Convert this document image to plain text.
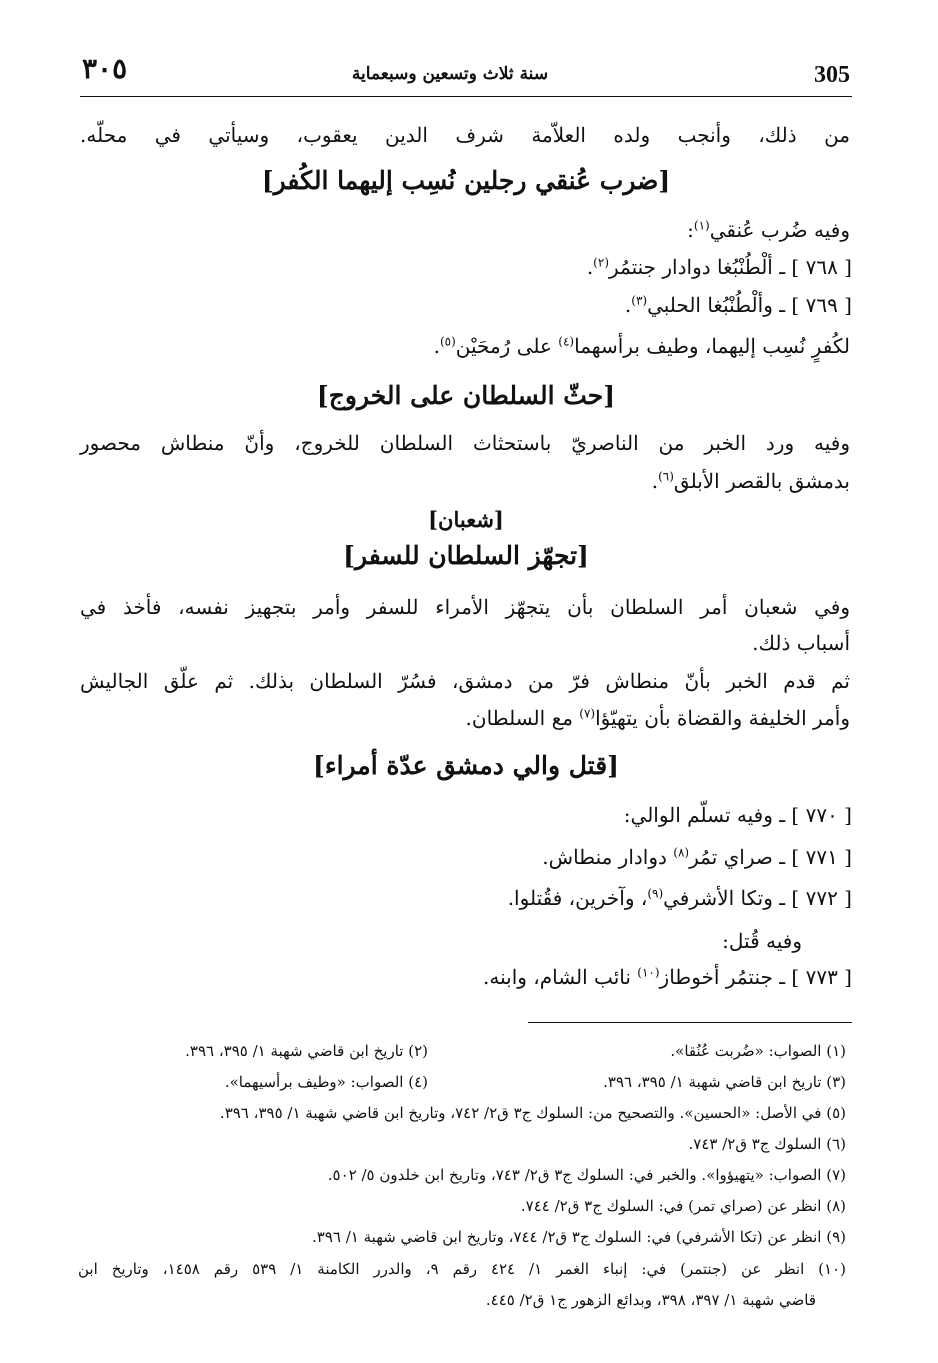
٣٠٥	سنة ثلاث وتسعين وسبعماية	305
من ذلك، وأنجب ولده العلاّمة شرف الدين يعقوب، وسيأتي في محلّه.
[ضرب عُنقي رجلين نُسِب إليهما الكُفر]
وفيه ضُرب عُنقي$^{(١)}$:
[ ٧٦٨ ] ـ ألْطُنْبُغا دوادار جنتمُر$^{(٢)}$.
[ ٧٦٩ ] ـ وألْطُنْبُغا الحلبي$^{(٣)}$.
لكُفرٍ نُسِب إليهما، وطيف برأسهما$^{(٤)}$ على رُمحَيْن$^{(٥)}$.
[حثّ السلطان على الخروج]
وفيه ورد الخبر من الناصريّ باستحثاث السلطان للخروج، وأنّ منطاش محصور
بدمشق بالقصر الأبلق$^{(٦)}$.
[شعبان]
[تجهّز السلطان للسفر]
وفي شعبان أمر السلطان بأن يتجهّز الأمراء للسفر وأمر بتجهيز نفسه، فأخذ في
أسباب ذلك.
ثم قدم الخبر بأنّ منطاش فرّ من دمشق، فسُرّ السلطان بذلك. ثم علّق الجاليش
وأمر الخليفة والقضاة بأن يتهيّؤا$^{(٧)}$ مع السلطان.
[قتل والي دمشق عدّة أمراء]
[ ٧٧٠ ] ـ وفيه تسلّم الوالي:
[ ٧٧١ ] ـ صراي تمُر$^{(٨)}$ دوادار منطاش.
[ ٧٧٢ ] ـ وتكا الأشرفي$^{(٩)}$، وآخرين، فقُتلوا.
وفيه قُتل:
[ ٧٧٣ ] ـ جنتمُر أخوطاز$^{(١٠)}$ نائب الشام، وابنه.
(١) الصواب: «ضُربت عُنُقا».
(٢) تاريخ ابن قاضي شهبة ١/ ٣٩٥، ٣٩٦.
(٣) تاريخ ابن قاضي شهبة ١/ ٣٩٥، ٣٩٦.
(٤) الصواب: «وطيف برأسيهما».
(٥) في الأصل: «الحسين». والتصحيح من: السلوك ج٣ ق٢/ ٧٤٢، وتاريخ ابن قاضي شهبة ١/ ٣٩٥، ٣٩٦.
(٦) السلوك ج٣ ق٢/ ٧٤٣.
(٧) الصواب: «يتهيؤوا». والخبر في: السلوك ج٣ ق٢/ ٧٤٣، وتاريخ ابن خلدون ٥/ ٥٠٢.
(٨) انظر عن (صراي تمر) في: السلوك ج٣ ق٢/ ٧٤٤.
(٩) انظر عن (تكا الأشرفي) في: السلوك ج٣ ق٢/ ٧٤٤، وتاريخ ابن قاضي شهبة ١/ ٣٩٦.
(١٠) انظر عن (جنتمر) في: إنباء الغمر ١/ ٤٢٤ رقم ٩، والدرر الكامنة ١/ ٥٣٩ رقم ١٤٥٨، وتاريخ ابن
قاضي شهبة ١/ ٣٩٧، ٣٩٨، وبدائع الزهور ج١ ق٢/ ٤٤٥.
